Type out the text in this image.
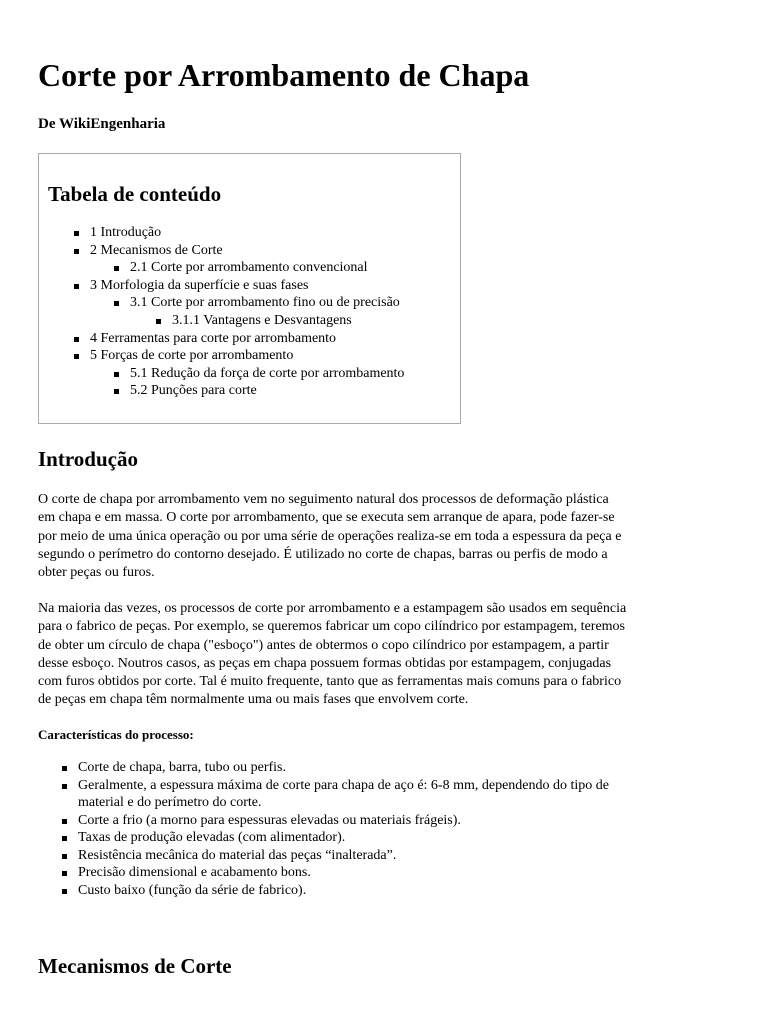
Corte por Arrombamento de Chapa
De WikiEngenharia
Tabela de conteúdo
1 Introdução
2 Mecanismos de Corte
2.1 Corte por arrombamento convencional
3 Morfologia da superfície e suas fases
3.1 Corte por arrombamento fino ou de precisão
3.1.1 Vantagens e Desvantagens
4 Ferramentas para corte por arrombamento
5 Forças de corte por arrombamento
5.1 Redução da força de corte por arrombamento
5.2 Punções para corte
Introdução

O corte de chapa por arrombamento vem no seguimento natural dos processos de deformação plástica
em chapa e em massa. O corte por arrombamento, que se executa sem arranque de apara, pode fazer-se
por meio de uma única operação ou por uma série de operações realiza-se em toda a espessura da peça e
segundo o perímetro do contorno desejado. É utilizado no corte de chapas, barras ou perfis de modo a
obter peças ou furos.

Na maioria das vezes, os processos de corte por arrombamento e a estampagem são usados em sequência
para o fabrico de peças. Por exemplo, se queremos fabricar um copo cilíndrico por estampagem, teremos
de obter um círculo de chapa ("esboço") antes de obtermos o copo cilíndrico por estampagem, a partir
desse esboço. Noutros casos, as peças em chapa possuem formas obtidas por estampagem, conjugadas
com furos obtidos por corte. Tal é muito frequente, tanto que as ferramentas mais comuns para o fabrico
de peças em chapa têm normalmente uma ou mais fases que envolvem corte.

Características do processo:
Corte de chapa, barra, tubo ou perfis.
Geralmente, a espessura máxima de corte para chapa de aço é: 6-8 mm, dependendo do tipo de
material e do perímetro do corte.
Corte a frio (a morno para espessuras elevadas ou materiais frágeis).
Taxas de produção elevadas (com alimentador).
Resistência mecânica do material das peças “inalterada”.
Precisão dimensional e acabamento bons.
Custo baixo (função da série de fabrico).
Mecanismos de Corte
